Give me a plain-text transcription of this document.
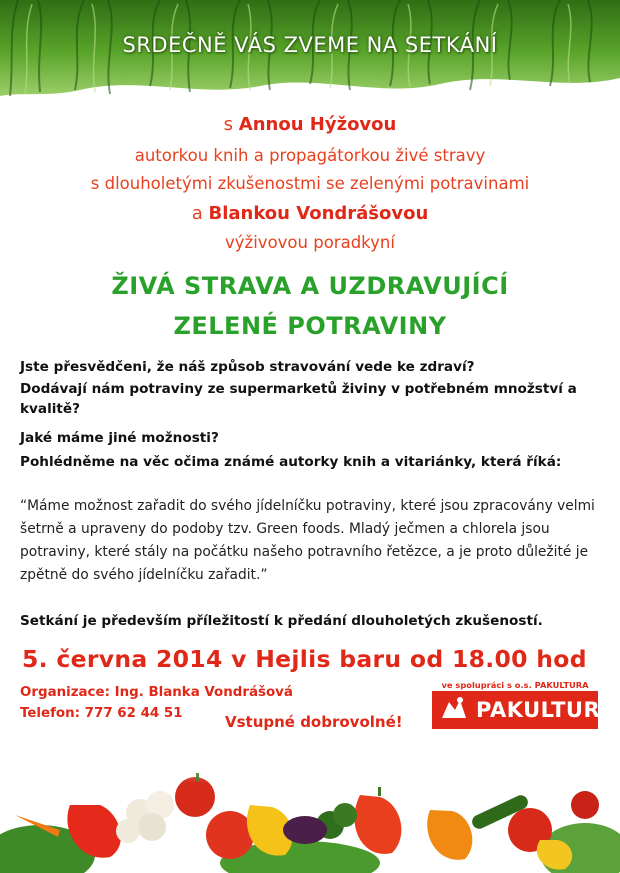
SRDEČNĚ VÁS ZVEME NA SETKÁNÍ
s Annou Hýžovou
autorkou knih a propagátorkou živé stravy
s dlouholetými zkušenostmi se zelenými potravinami
a Blankou Vondrášovou
výživovou poradkyní
ŽIVÁ STRAVA A UZDRAVUJÍCÍ
ZELENÉ POTRAVINY
Jste přesvědčeni, že náš způsob stravování vede ke zdraví?
Dodávají nám potraviny ze supermarketů živiny v potřebném množství a kvalitě?
Jaké máme jiné možnosti?
Pohlédněme na věc očima známé autorky knih a vitariánky, která říká:
“Máme možnost zařadit do svého jídelníčku potraviny, které jsou zpracovány velmi šetrně a upraveny do podoby tzv. Green foods. Mladý ječmen a chlorela jsou potraviny, které stály na počátku našeho potravního řetězce, a je proto důležité je zpětně do svého jídelníčku zařadit.”
Setkání je především příležitostí k předání dlouholetých zkušeností.
5. června 2014 v Hejlis baru od 18.00 hod
Organizace: Ing. Blanka Vondrášová
Telefon: 777 62 44 51	Vstupné dobrovolné!
ve spolupráci s o.s. PAKULTURA
PAKULTURA
